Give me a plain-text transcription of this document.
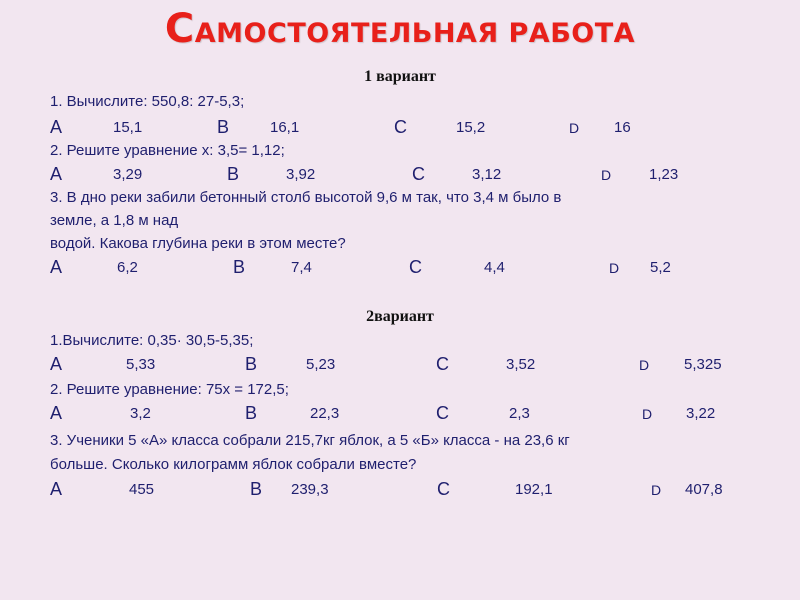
САМОСТОЯТЕЛЬНАЯ РАБОТА
1 вариант
1. Вычислите: 550,8: 27-5,3;
A	15,1	B	16,1	C	15,2	D 16
2. Решите уравнение х: 3,5= 1,12;
A	3,29	B	3,92	C	3,12	D	1,23
3. В дно реки забили бетонный столб высотой 9,6 м так, что 3,4 м было в
земле, а 1,8 м над
водой. Какова глубина реки в этом месте?
A	6,2	B	7,4	C	4,4	D 5,2
2вариант
1.Вычислите: 0,35· 30,5-5,35;
A	5,33	B	5,23	C	3,52	D 5,325
2. Решите уравнение: 75х = 172,5;
A	3,2	B	22,3	C	2,3	D 3,22
3. Ученики 5 «А» класса собрали 215,7кг яблок, а 5 «Б» класса - на 23,6 кг
больше. Сколько килограмм яблок собрали вместе?
A	455	B 239,3	C	192,1	D 407,8
